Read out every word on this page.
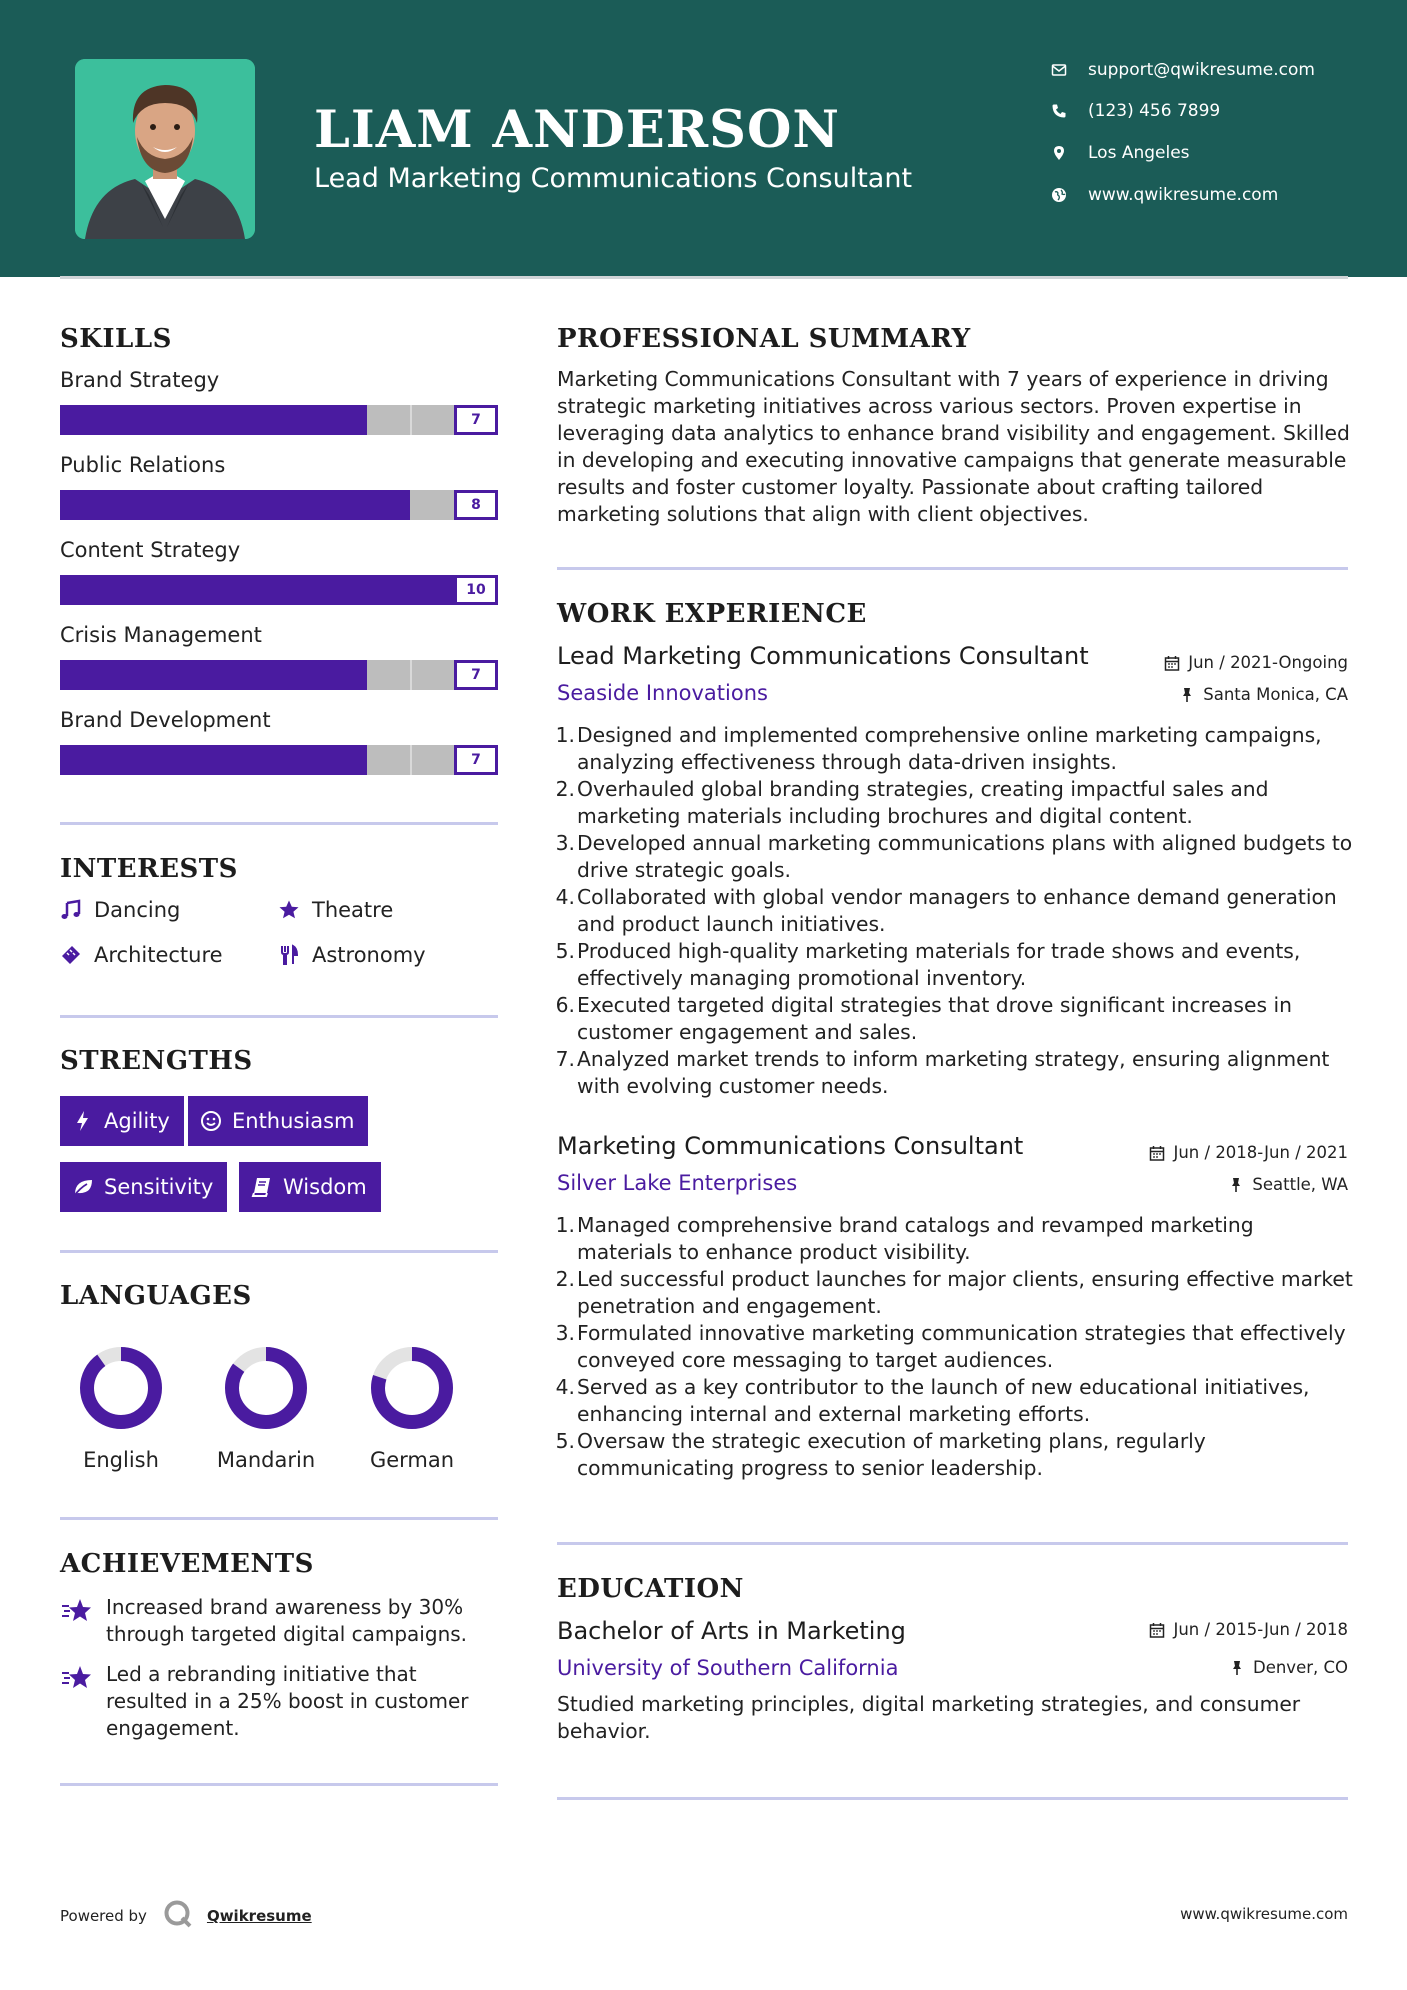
LIAM ANDERSON
Lead Marketing Communications Consultant
support@qwikresume.com
(123) 456 7899
Los Angeles
www.qwikresume.com
SKILLS
Brand Strategy
7
Public Relations
8
Content Strategy
10
Crisis Management
7
Brand Development
7
INTERESTS
Dancing	Theatre
Architecture	Astronomy
STRENGTHS
Agility	Enthusiasm
Sensitivity	Wisdom
LANGUAGES
English	Mandarin	German
ACHIEVEMENTS
Increased brand awareness by 30% through targeted digital campaigns.
Led a rebranding initiative that resulted in a 25% boost in customer engagement.
PROFESSIONAL SUMMARY
Marketing Communications Consultant with 7 years of experience in driving strategic marketing initiatives across various sectors. Proven expertise in leveraging data analytics to enhance brand visibility and engagement. Skilled in developing and executing innovative campaigns that generate measurable results and foster customer loyalty. Passionate about crafting tailored marketing solutions that align with client objectives.
WORK EXPERIENCE
Lead Marketing Communications Consultant	Jun / 2021-Ongoing
Seaside Innovations	Santa Monica, CA
1. Designed and implemented comprehensive online marketing campaigns, analyzing effectiveness through data-driven insights.
2. Overhauled global branding strategies, creating impactful sales and marketing materials including brochures and digital content.
3. Developed annual marketing communications plans with aligned budgets to drive strategic goals.
4. Collaborated with global vendor managers to enhance demand generation and product launch initiatives.
5. Produced high-quality marketing materials for trade shows and events, effectively managing promotional inventory.
6. Executed targeted digital strategies that drove significant increases in customer engagement and sales.
7. Analyzed market trends to inform marketing strategy, ensuring alignment with evolving customer needs.
Marketing Communications Consultant	Jun / 2018-Jun / 2021
Silver Lake Enterprises	Seattle, WA
1. Managed comprehensive brand catalogs and revamped marketing materials to enhance product visibility.
2. Led successful product launches for major clients, ensuring effective market penetration and engagement.
3. Formulated innovative marketing communication strategies that effectively conveyed core messaging to target audiences.
4. Served as a key contributor to the launch of new educational initiatives, enhancing internal and external marketing efforts.
5. Oversaw the strategic execution of marketing plans, regularly communicating progress to senior leadership.
EDUCATION
Bachelor of Arts in Marketing	Jun / 2015-Jun / 2018
University of Southern California	Denver, CO
Studied marketing principles, digital marketing strategies, and consumer behavior.
Powered by	Qwikresume	www.qwikresume.com
